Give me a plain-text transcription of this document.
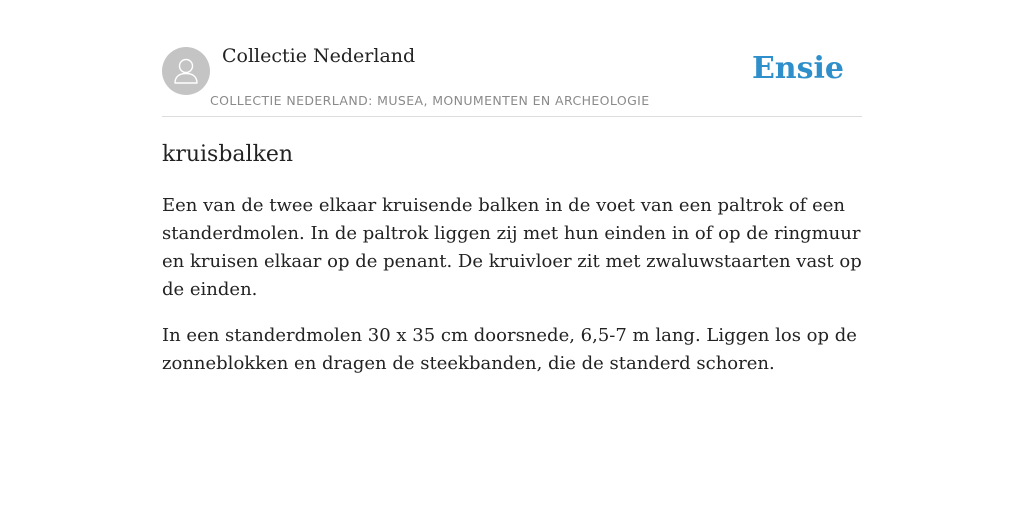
Collectie Nederland
COLLECTIE NEDERLAND: MUSEA, MONUMENTEN EN ARCHEOLOGIE
Ensie
kruisbalken

Een van de twee elkaar kruisende balken in de voet van een paltrok of een standerdmolen. In de paltrok liggen zij met hun einden in of op de ringmuur en kruisen elkaar op de penant. De kruivloer zit met zwaluwstaarten vast op de einden.

In een standerdmolen 30 x 35 cm doorsnede, 6,5-7 m lang. Liggen los op de zonneblokken en dragen de steekbanden, die de standerd schoren.
